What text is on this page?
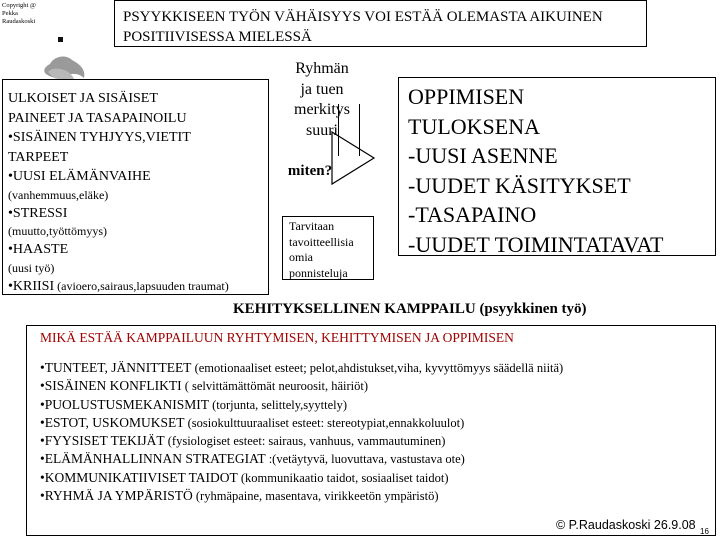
Copyright @
Pekka
Raudaskoski	PSYYKKISEEN TYÖN VÄHÄISYYS VOI ESTÄÄ OLEMASTA AIKUINEN
POSITIIVISESSA MIELESSÄ
ULKOISET JA SISÄISET
PAINEET JA TASAPAINOILU
•SISÄINEN TYHJYYS,VIETIT
TARPEET
•UUSI ELÄMÄNVAIHE
(vanhemmuus,eläke)
•STRESSI
(muutto,työttömyys)
•HAASTE
(uusi työ)
•KRIISI (avioero,sairaus,lapsuuden traumat)
Ryhmän
ja tuen
merkitys
suuri
miten?
Tarvitaan
tavoitteellisia
omia ponnisteluja
OPPIMISEN
TULOKSENA
-UUSI ASENNE
-UUDET KÄSITYKSET
-TASAPAINO
-UUDET TOIMINTATAVAT
KEHITYKSELLINEN KAMPPAILU (psyykkinen työ)
MIKÄ ESTÄÄ KAMPPAILUUN RYHTYMISEN, KEHITTYMISEN JA OPPIMISEN
•TUNTEET, JÄNNITTEET (emotionaaliset esteet; pelot,ahdistukset,viha, kyvyttömyys säädellä niitä)
•SISÄINEN KONFLIKTI ( selvittämättömät neuroosit, häiriöt)
•PUOLUSTUSMEKANISMIT (torjunta, selittely,syyttely)
•ESTOT, USKOMUKSET (sosiokulttuuraaliset esteet: stereotypiat,ennakkoluulot)
•FYYSISET TEKIJÄT (fysiologiset esteet: sairaus, vanhuus, vammautuminen)
•ELÄMÄNHALLINNAN STRATEGIAT :(vetäytyvä, luovuttava, vastustava ote)
•KOMMUNIKATIIVISET TAIDOT (kommunikaatio taidot, sosiaaliset taidot)
•RYHMÄ JA YMPÄRISTÖ (ryhmäpaine, masentava, virikkeetön ympäristö)
© P.Raudaskoski 26.9.08 16
